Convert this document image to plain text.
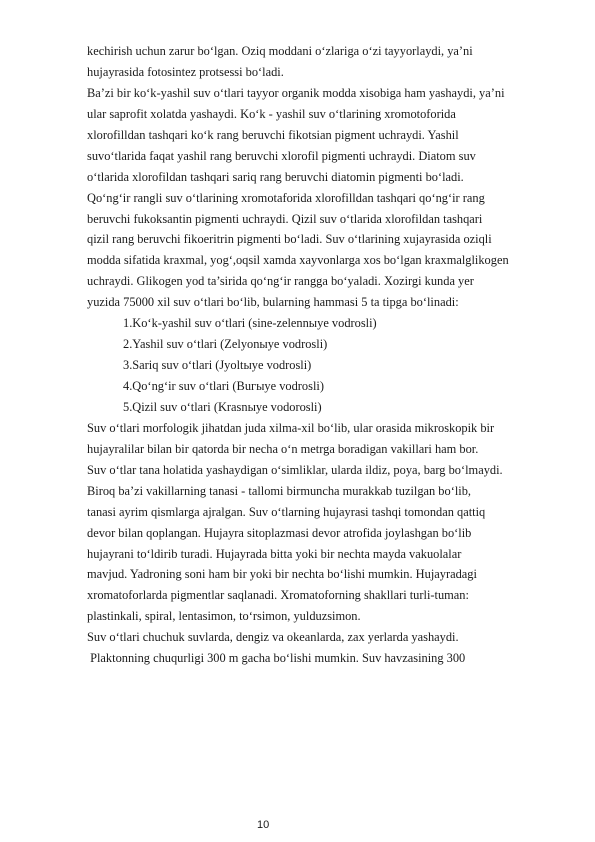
kechirish uchun zarur bo‘lgan. Oziq moddani o‘zlariga o‘zi tayyorlaydi, ya’ni
hujayrasida fotosintez protsessi bo‘ladi.
Ba’zi bir ko‘k-yashil suv o‘tlari tayyor organik modda xisobiga ham yashaydi, ya’ni
ular saprofit xolatda yashaydi. Ko‘k - yashil suv o‘tlarining xromotoforida
xlorofilldan tashqari ko‘k rang beruvchi fikotsian pigment uchraydi. Yashil
suvo‘tlarida faqat yashil rang beruvchi xlorofil pigmenti uchraydi. Diatom suv
o‘tlarida xlorofildan tashqari sariq rang beruvchi diatomin pigmenti bo‘ladi.
Qo‘ng‘ir rangli suv o‘tlarining xromotaforida xlorofilldan tashqari qo‘ng‘ir rang
beruvchi fukoksantin pigmenti uchraydi. Qizil suv o‘tlarida xlorofildan tashqari
qizil rang beruvchi fikoeritrin pigmenti bo‘ladi. Suv o‘tlarining xujayrasida oziqli
modda sifatida kraxmal, yog‘,oqsil xamda xayvonlarga xos bo‘lgan kraxmalglikogen
uchraydi. Glikogen yod ta’sirida qo‘ng‘ir rangga bo‘yaladi. Xozirgi kunda yer
yuzida 75000 xil suv o‘tlari bo‘lib, bularning hammasi 5 ta tipga bo‘linadi:
1.Ko‘k-yashil suv o‘tlari (sine-zelennыye vodrosli)
2.Yashil suv o‘tlari (Zelyonыye vodrosli)
3.Sariq suv o‘tlari (Jyoltыye vodrosli)
4.Qo‘ng‘ir suv o‘tlari (Buгыye vodrosli)
5.Qizil suv o‘tlari (Krasnыye vodorosli)
Suv o‘tlari morfologik jihatdan juda xilma-xil bo‘lib, ular orasida mikroskopik bir
hujayralilar bilan bir qatorda bir necha o‘n metrga boradigan vakillari ham bor.
Suv o‘tlar tana holatida yashaydigan o‘simliklar, ularda ildiz, poya, barg bo‘lmaydi.
Biroq ba’zi vakillarning tanasi - tallomi birmuncha murakkab tuzilgan bo‘lib,
tanasi ayrim qismlarga ajralgan. Suv o‘tlarning hujayrasi tashqi tomondan qattiq
devor bilan qoplangan. Hujayra sitoplazmasi devor atrofida joylashgan bo‘lib
hujayrani to‘ldirib turadi. Hujayrada bitta yoki bir nechta mayda vakuolalar
mavjud. Yadroning soni ham bir yoki bir nechta bo‘lishi mumkin. Hujayradagi
xromatoforlarda pigmentlar saqlanadi. Xromatoforning shakllari turli-tuman:
plastinkali, spiral, lentasimon, to‘rsimon, yulduzsimon.
Suv o‘tlari chuchuk suvlarda, dengiz va okeanlarda, zax yerlarda yashaydi.
Plaktonning chuqurligi 300 m gacha bo‘lishi mumkin. Suv havzasining 300
10
